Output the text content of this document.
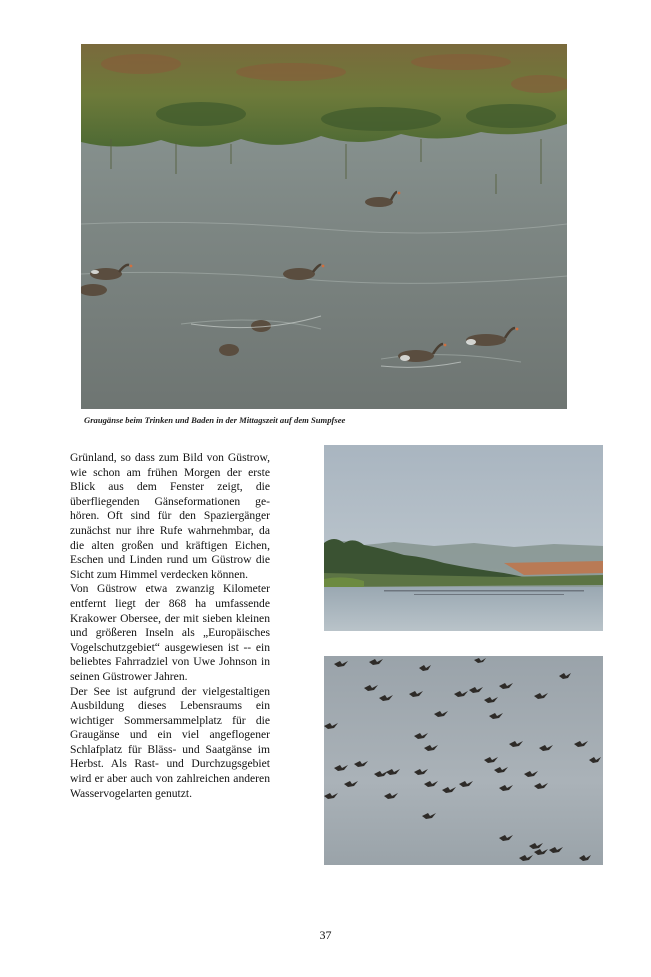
Graugänse beim Trinken und Baden in der Mittagszeit auf dem Sumpfsee

Grünland, so dass zum Bild von Güstrow, wie schon am frühen Morgen der erste Blick aus dem Fenster zeigt, die überfliegenden Gänseformationen gehören. Oft sind für den Spaziergänger zunächst nur ihre Rufe wahrnehmbar, da die alten großen und kräftigen Eichen, Eschen und Linden rund um Güstrow die Sicht zum Himmel verdecken können.

Von Güstrow etwa zwanzig Kilometer entfernt liegt der 868 ha umfassende Krakower Obersee, der mit sieben kleinen und größeren Inseln als „Europäisches Vogelschutzgebiet“ ausgewiesen ist -- ein beliebtes Fahrradziel von Uwe Johnson in seinen Güstrower Jahren.

Der See ist aufgrund der vielgestaltigen Ausbildung dieses Lebensraums ein wichtiger Sommersammelplatz für die Graugänse und ein viel angeflogener Schlafplatz für Bläss- und Saatgänse im Herbst. Als Rast- und Durchzugsgebiet wird er aber auch von zahlreichen anderen Wasservogelarten genutzt.

37
